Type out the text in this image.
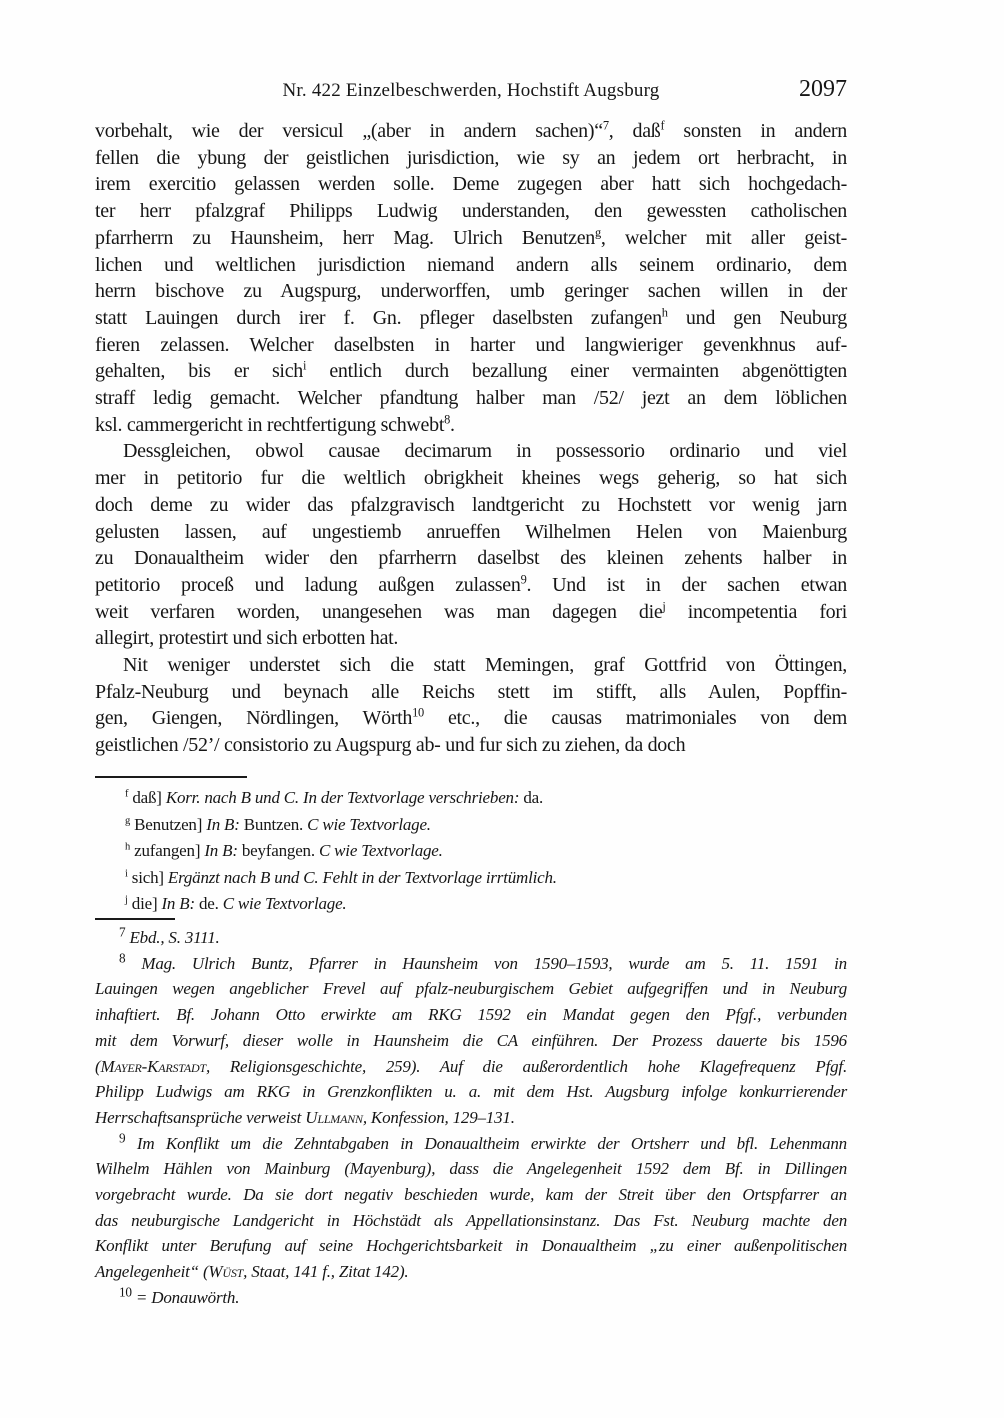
Nr. 422 Einzelbeschwerden, Hochstift Augsburg	2097
vorbehalt, wie der versicul „(aber in andern sachen)“$^7$, daß$^f$ sonsten in andern
fellen die ybung der geistlichen jurisdiction, wie sy an jedem ort herbracht, in
irem exercitio gelassen werden solle. Deme zugegen aber hatt sich hochgedach-
ter herr pfalzgraf Philipps Ludwig understanden, den gewessten catholischen
pfarrherrn zu Haunsheim, herr Mag. Ulrich Benutzen$^g$, welcher mit aller geist-
lichen und weltlichen jurisdiction niemand andern alls seinem ordinario, dem
herrn bischove zu Augspurg, underworffen, umb geringer sachen willen in der
statt Lauingen durch irer f. Gn. pfleger daselbsten zufangen$^h$ und gen Neuburg
fieren zelassen. Welcher daselbsten in harter und langwieriger gevenkhnus auf-
gehalten, bis er sich$^i$ entlich durch bezallung einer vermainten abgenöttigten
straff ledig gemacht. Welcher pfandtung halber man /52/ jezt an dem löblichen
ksl. cammergericht in rechtfertigung schwebt$^8$.
Dessgleichen, obwol causae decimarum in possessorio ordinario und viel
mer in petitorio fur die weltlich obrigkheit kheines wegs geherig, so hat sich
doch deme zu wider das pfalzgravisch landtgericht zu Hochstett vor wenig jarn
gelusten lassen, auf ungestiemb anrueffen Wilhelmen Helen von Maienburg
zu Donaualtheim wider den pfarrherrn daselbst des kleinen zehents halber in
petitorio proceß und ladung außgen zulassen$^9$. Und ist in der sachen etwan
weit verfaren worden, unangesehen was man dagegen die$^j$ incompetentia fori
allegirt, protestirt und sich erbotten hat.
Nit weniger understet sich die statt Memingen, graf Gottfrid von Öttingen,
Pfalz-Neuburg und beynach alle Reichs stett im stifft, alls Aulen, Popffin-
gen, Giengen, Nördlingen, Wörth$^{10}$ etc., die causas matrimoniales von dem
geistlichen /52’/ consistorio zu Augspurg ab- und fur sich zu ziehen, da doch
$^f$ daß] Korr. nach B und C. In der Textvorlage verschrieben: da.
$^g$ Benutzen] In B: Buntzen. C wie Textvorlage.
$^h$ zufangen] In B: beyfangen. C wie Textvorlage.
$^i$ sich] Ergänzt nach B und C. Fehlt in der Textvorlage irrtümlich.
$^j$ die] In B: de. C wie Textvorlage.
$^7$ Ebd., S. 3111.
$^8$ Mag. Ulrich Buntz, Pfarrer in Haunsheim von 1590–1593, wurde am 5. 11. 1591 in
Lauingen wegen angeblicher Frevel auf pfalz-neuburgischem Gebiet aufgegriffen und in Neuburg
inhaftiert. Bf. Johann Otto erwirkte am RKG 1592 ein Mandat gegen den Pfgf., verbunden
mit dem Vorwurf, dieser wolle in Haunsheim die CA einführen. Der Prozess dauerte bis 1596
(Mayer-Karstadt, Religionsgeschichte, 259). Auf die außerordentlich hohe Klagefrequenz Pfgf.
Philipp Ludwigs am RKG in Grenzkonflikten u. a. mit dem Hst. Augsburg infolge konkurrierender
Herrschaftsansprüche verweist Ullmann, Konfession, 129–131.
$^9$ Im Konflikt um die Zehntabgaben in Donaualtheim erwirkte der Ortsherr und bfl. Lehenmann
Wilhelm Hählen von Mainburg (Mayenburg), dass die Angelegenheit 1592 dem Bf. in Dillingen
vorgebracht wurde. Da sie dort negativ beschieden wurde, kam der Streit über den Ortspfarrer an
das neuburgische Landgericht in Höchstädt als Appellationsinstanz. Das Fst. Neuburg machte den
Konflikt unter Berufung auf seine Hochgerichtsbarkeit in Donaualtheim „zu einer außenpolitischen
Angelegenheit“ (Wüst, Staat, 141 f., Zitat 142).
$^{10}$ = Donauwörth.
